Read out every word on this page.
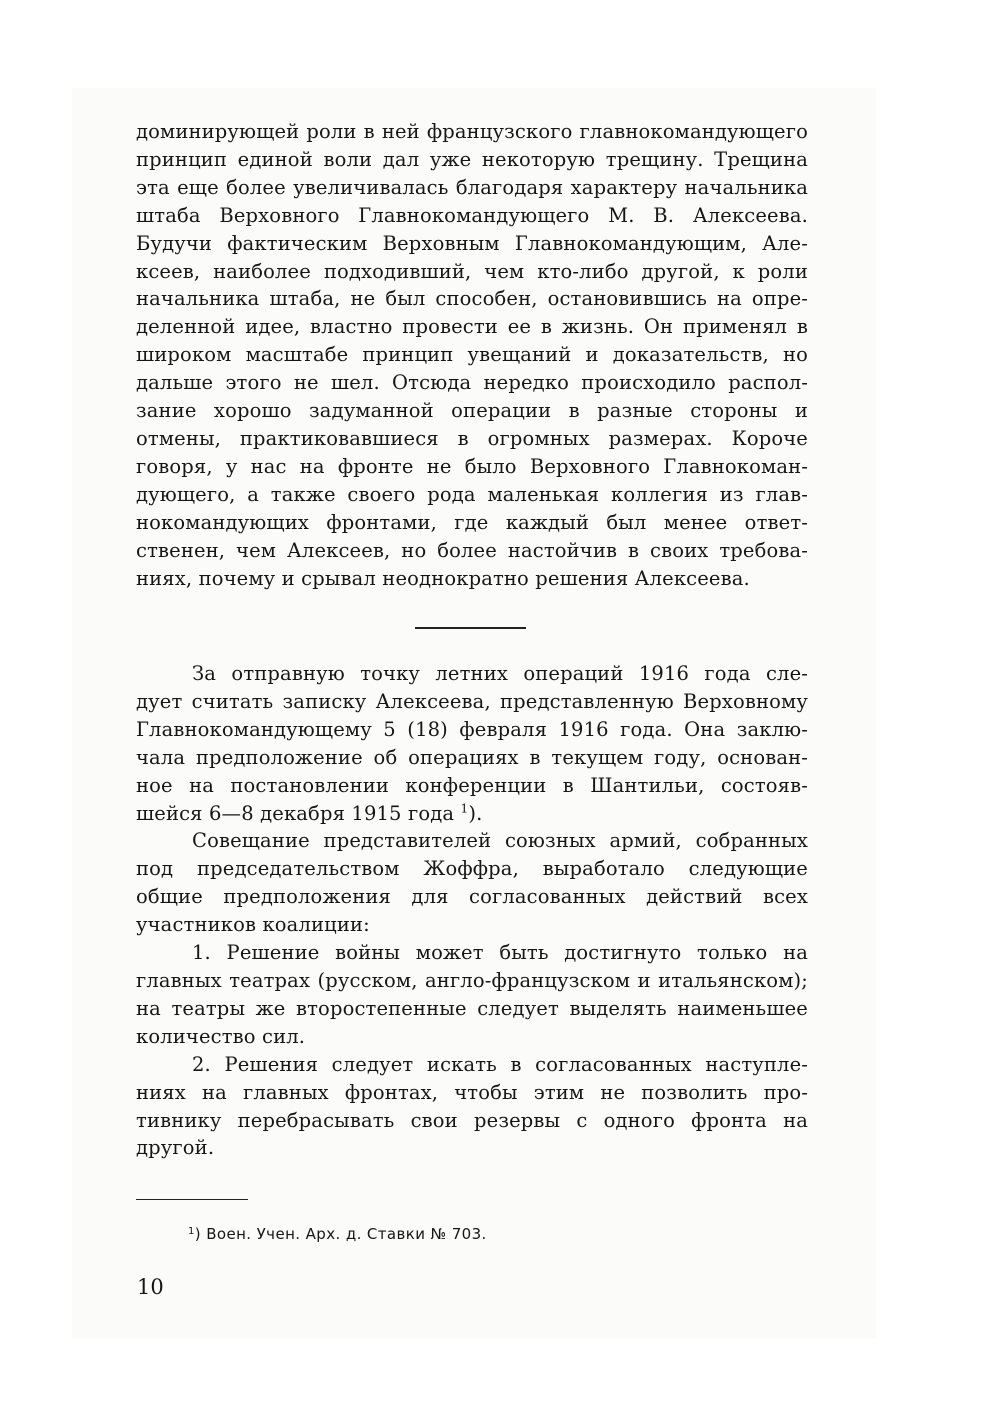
доминирующей роли в ней французского главнокомандующего
принцип единой воли дал уже некоторую трещину. Трещина
эта еще более увеличивалась благодаря характеру начальника
штаба Верховного Главнокомандующего М. В. Алексеева.
Будучи фактическим Верховным Главнокомандующим, Але-
ксеев, наиболее подходивший, чем кто-либо другой, к роли
начальника штаба, не был способен, остановившись на опре-
деленной идее, властно провести ее в жизнь. Он применял в
широком масштабе принцип увещаний и доказательств, но
дальше этого не шел. Отсюда нередко происходило распол-
зание хорошо задуманной операции в разные стороны и
отмены, практиковавшиеся в огромных размерах. Короче
говоря, у нас на фронте не было Верховного Главнокоман-
дующего, а также своего рода маленькая коллегия из глав-
нокомандующих фронтами, где каждый был менее ответ-
ственен, чем Алексеев, но более настойчив в своих требова-

ниях, почему и срывал неоднократно решения Алексеева.

За отправную точку летних операций 1916 года сле-
дует считать записку Алексеева, представленную Верховному
Главнокомандующему 5 (18) февраля 1916 года. Она заклю-
чала предположение об операциях в текущем году, основан-
ное на постановлении конференции в Шантильи, состояв-

шейся 6—8 декабря 1915 года $^1$).

Совещание представителей союзных армий, собранных
под председательством Жоффра, выработало следующие
общие предположения для согласованных действий всех

участников коалиции:

1. Решение войны может быть достигнуто только на
главных театрах (русском, англо-французском и итальянском);
на театры же второстепенные следует выделять наименьшее

количество сил.

2. Решения следует искать в согласованных наступле-
ниях на главных фронтах, чтобы этим не позволить про-
тивнику перебрасывать свои резервы с одного фронта на

другой.

$^1$) Воен. Учен. Арх. д. Ставки № 703.
10
